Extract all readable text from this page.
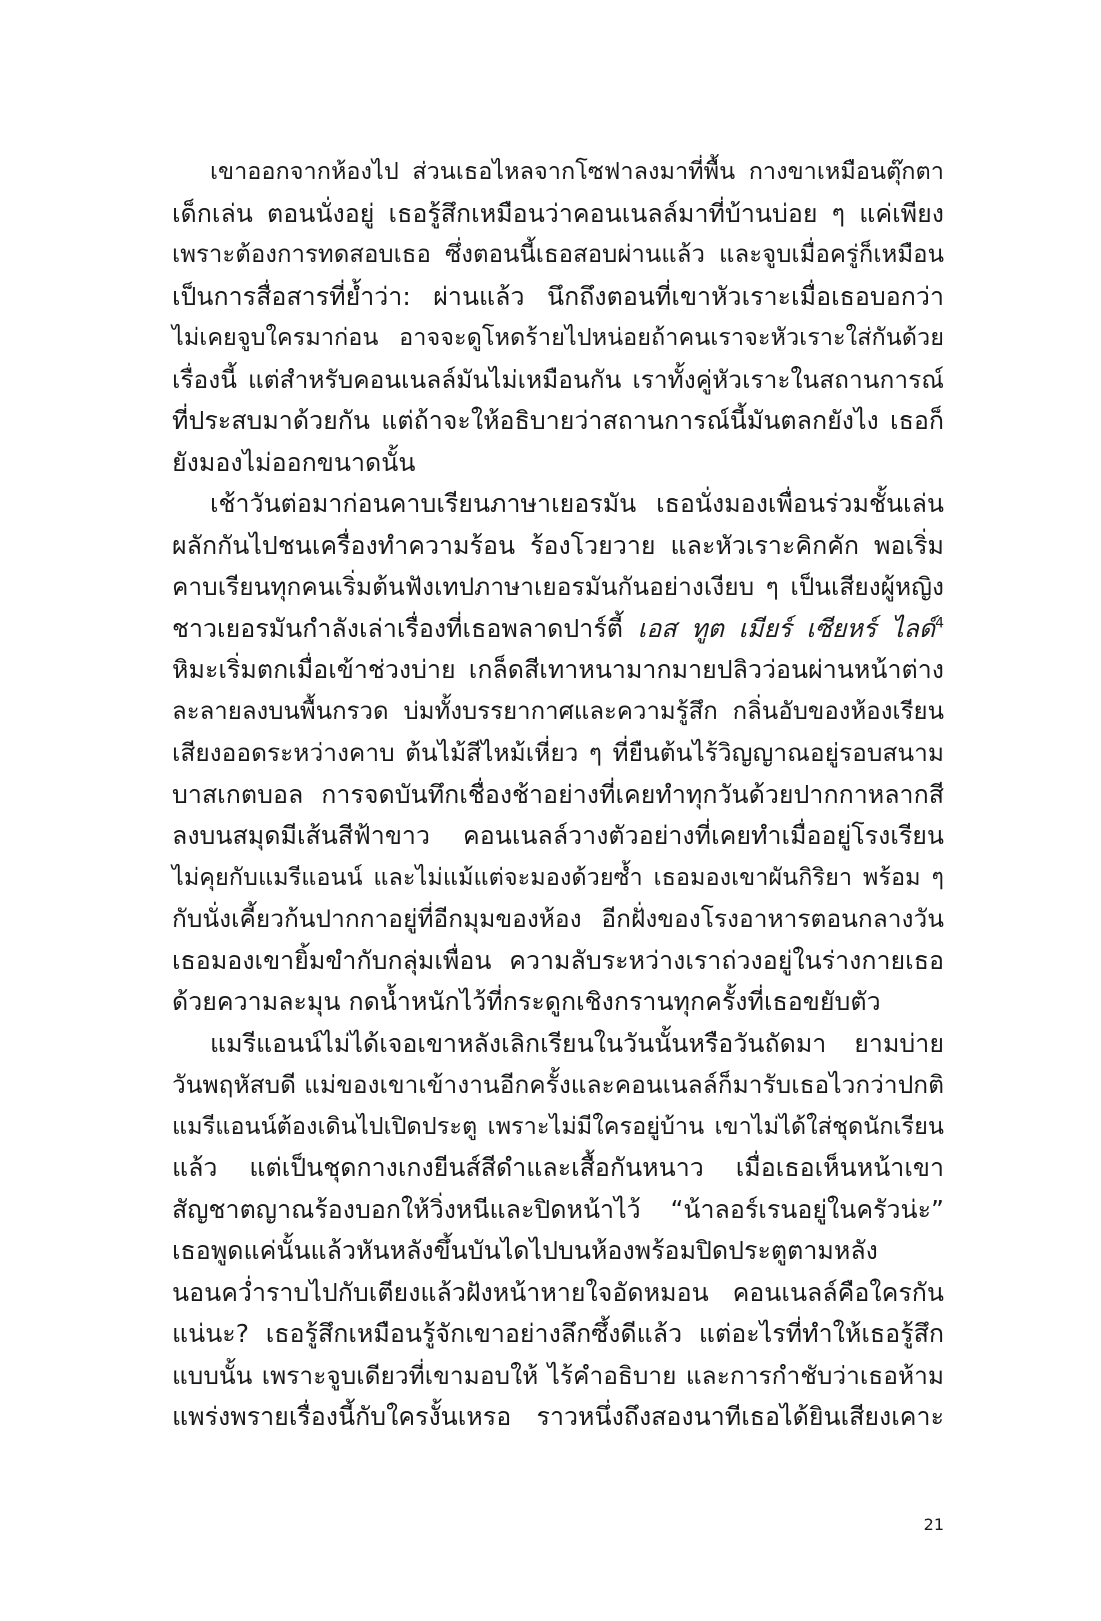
เขาออกจากห้องไป ส่วนเธอไหลจากโซฟาลงมาที่พื้น กางขาเหมือนตุ๊กตา
เด็กเล่น ตอนนั่งอยู่ เธอรู้สึกเหมือนว่าคอนเนลล์มาที่บ้านบ่อย ๆ แค่เพียง
เพราะต้องการทดสอบเธอ ซึ่งตอนนี้เธอสอบผ่านแล้ว และจูบเมื่อครู่ก็เหมือน
เป็นการสื่อสารที่ย้ำว่า: ผ่านแล้ว นึกถึงตอนที่เขาหัวเราะเมื่อเธอบอกว่า
ไม่เคยจูบใครมาก่อน อาจจะดูโหดร้ายไปหน่อยถ้าคนเราจะหัวเราะใส่กันด้วย
เรื่องนี้ แต่สำหรับคอนเนลล์มันไม่เหมือนกัน เราทั้งคู่หัวเราะในสถานการณ์
ที่ประสบมาด้วยกัน แต่ถ้าจะให้อธิบายว่าสถานการณ์นี้มันตลกยังไง เธอก็
ยังมองไม่ออกขนาดนั้น
เช้าวันต่อมาก่อนคาบเรียนภาษาเยอรมัน เธอนั่งมองเพื่อนร่วมชั้นเล่น
ผลักกันไปชนเครื่องทำความร้อน ร้องโวยวาย และหัวเราะคิกคัก พอเริ่ม
คาบเรียนทุกคนเริ่มต้นฟังเทปภาษาเยอรมันกันอย่างเงียบ ๆ เป็นเสียงผู้หญิง
ชาวเยอรมันกำลังเล่าเรื่องที่เธอพลาดปาร์ตี้ เอส ทูต เมียร์ เซียหร์ ไลด์$^4$
หิมะเริ่มตกเมื่อเข้าช่วงบ่าย เกล็ดสีเทาหนามากมายปลิวว่อนผ่านหน้าต่าง
ละลายลงบนพื้นกรวด บ่มทั้งบรรยากาศและความรู้สึก กลิ่นอับของห้องเรียน
เสียงออดระหว่างคาบ ต้นไม้สีไหม้เหี่ยว ๆ ที่ยืนต้นไร้วิญญาณอยู่รอบสนาม
บาสเกตบอล การจดบันทึกเชื่องช้าอย่างที่เคยทำทุกวันด้วยปากกาหลากสี
ลงบนสมุดมีเส้นสีฟ้าขาว คอนเนลล์วางตัวอย่างที่เคยทำเมื่ออยู่โรงเรียน
ไม่คุยกับแมรีแอนน์ และไม่แม้แต่จะมองด้วยซ้ำ เธอมองเขาผันกิริยา พร้อม ๆ
กับนั่งเคี้ยวก้นปากกาอยู่ที่อีกมุมของห้อง อีกฝั่งของโรงอาหารตอนกลางวัน
เธอมองเขายิ้มขำกับกลุ่มเพื่อน ความลับระหว่างเราถ่วงอยู่ในร่างกายเธอ
ด้วยความละมุน กดน้ำหนักไว้ที่กระดูกเชิงกรานทุกครั้งที่เธอขยับตัว
แมรีแอนน์ไม่ได้เจอเขาหลังเลิกเรียนในวันนั้นหรือวันถัดมา ยามบ่าย
วันพฤหัสบดี แม่ของเขาเข้างานอีกครั้งและคอนเนลล์ก็มารับเธอไวกว่าปกติ
แมรีแอนน์ต้องเดินไปเปิดประตู เพราะไม่มีใครอยู่บ้าน เขาไม่ได้ใส่ชุดนักเรียน
แล้ว แต่เป็นชุดกางเกงยีนส์สีดำและเสื้อกันหนาว เมื่อเธอเห็นหน้าเขา
สัญชาตญาณร้องบอกให้วิ่งหนีและปิดหน้าไว้ “น้าลอร์เรนอยู่ในครัวน่ะ”
เธอพูดแค่นั้นแล้วหันหลังขึ้นบันไดไปบนห้องพร้อมปิดประตูตามหลัง
นอนคว่ำราบไปกับเตียงแล้วฝังหน้าหายใจอัดหมอน คอนเนลล์คือใครกัน
แน่นะ? เธอรู้สึกเหมือนรู้จักเขาอย่างลึกซึ้งดีแล้ว แต่อะไรที่ทำให้เธอรู้สึก
แบบนั้น เพราะจูบเดียวที่เขามอบให้ ไร้คำอธิบาย และการกำชับว่าเธอห้าม
แพร่งพรายเรื่องนี้กับใครงั้นเหรอ ราวหนึ่งถึงสองนาทีเธอได้ยินเสียงเคาะ
21
